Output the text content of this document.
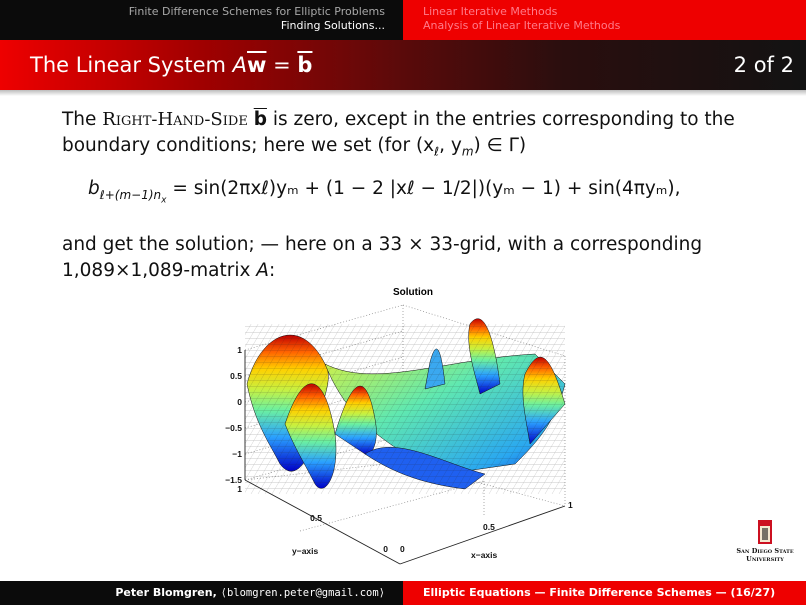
Finite Difference Schemes for Elliptic Problems
Finding Solutions...
Linear Iterative Methods
Analysis of Linear Iterative Methods
The Linear System $A\overline{w} = \overline{b}$	2 of 2
The Right-Hand-Side $\overline{b}$ is zero, except in the entries corresponding to the boundary conditions; here we set (for ($x_\ell$, $y_m$) ∈ Γ)
$b_{\ell+(m-1)n_x}$ = sin(2πxℓ)yₘ + (1 − 2 |xℓ − 1/2|)(yₘ − 1) + sin(4πyₘ),
and get the solution; — here on a 33 × 33-grid, with a corresponding 1,089×1,089-matrix A:
Solution
1
0.5
0
−0.5
−1
−1.5
1
0.5
0 0
0.5
1
y−axis	x−axis	San Diego State
University
Peter Blomgren, ⟨blomgren.peter@gmail.com⟩	Elliptic Equations — Finite Difference Schemes — (16/27)
